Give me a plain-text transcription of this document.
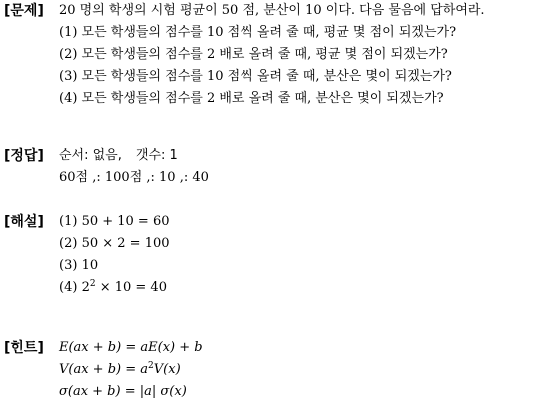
[문제] 20 명의 학생의 시험 평균이 50 점, 분산이 10 이다. 다음 물음에 답하여라.
(1) 모든 학생들의 점수를 10 점씩 올려 줄 때, 평균 몇 점이 되겠는가?
(2) 모든 학생들의 점수를 2 배로 올려 줄 때, 평균 몇 점이 되겠는가?
(3) 모든 학생들의 점수를 10 점씩 올려 줄 때, 분산은 몇이 되겠는가?
(4) 모든 학생들의 점수를 2 배로 올려 줄 때, 분산은 몇이 되겠는가?
[정답] 순서: 없음, 갯수: 1
60점 ,: 100점 ,: 10 ,: 40
[해설] (1) 50 + 10 = 60
(2) 50 × 2 = 100
(3) 10
(4) $2^2 \times 10 = 40$
[힌트] E(ax + b) = aE(x) + b
$V(ax + b) = a^2V(x)$
σ(ax + b) = |a| σ(x)
